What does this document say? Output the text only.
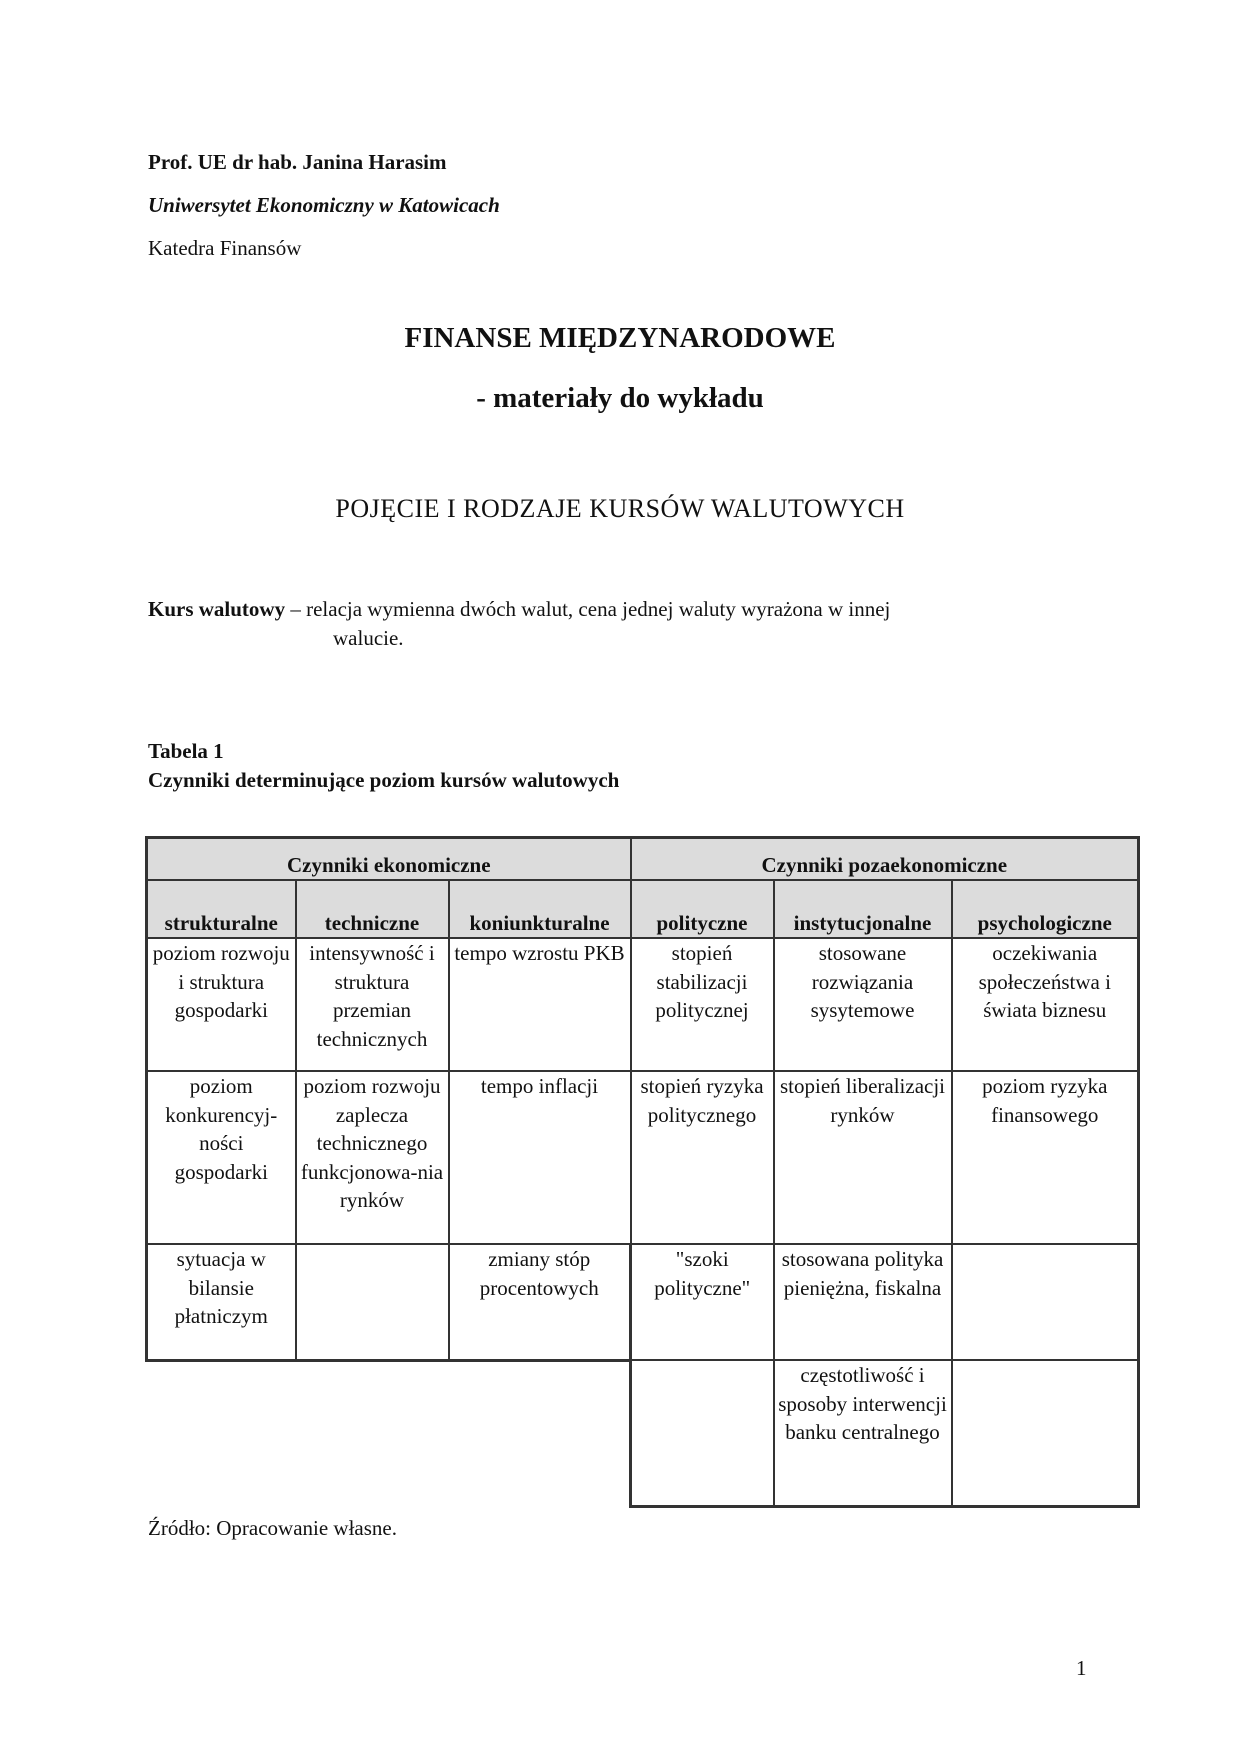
Prof. UE dr hab. Janina Harasim
Uniwersytet Ekonomiczny w Katowicach
Katedra Finansów
FINANSE MIĘDZYNARODOWE
- materiały do wykładu
POJĘCIE I RODZAJE KURSÓW WALUTOWYCH
Kurs walutowy – relacja wymienna dwóch walut, cena jednej waluty wyrażona w innej
walucie.
Tabela 1
Czynniki determinujące poziom kursów walutowych
Czynniki ekonomiczne			Czynniki pozaekonomiczne		
strukturalne	techniczne	koniunkturalne	polityczne	instytucjonalne	psychologiczne
poziom rozwoju i struktura gospodarki	intensywność i struktura przemian technicznych	tempo wzrostu PKB	stopień stabilizacji politycznej	stosowane rozwiązania sysytemowe	oczekiwania społeczeństwa i świata biznesu
poziom konkurencyj-ności gospodarki	poziom rozwoju zaplecza technicznego funkcjonowa-nia rynków	tempo inflacji	stopień ryzyka politycznego	stopień liberalizacji rynków	poziom ryzyka finansowego
sytuacja w bilansie płatniczym		zmiany stóp procentowych	"szoki polityczne"	stosowana polityka pieniężna, fiskalna	
				częstotliwość i sposoby interwencji banku centralnego	
Źródło: Opracowanie własne.
1
